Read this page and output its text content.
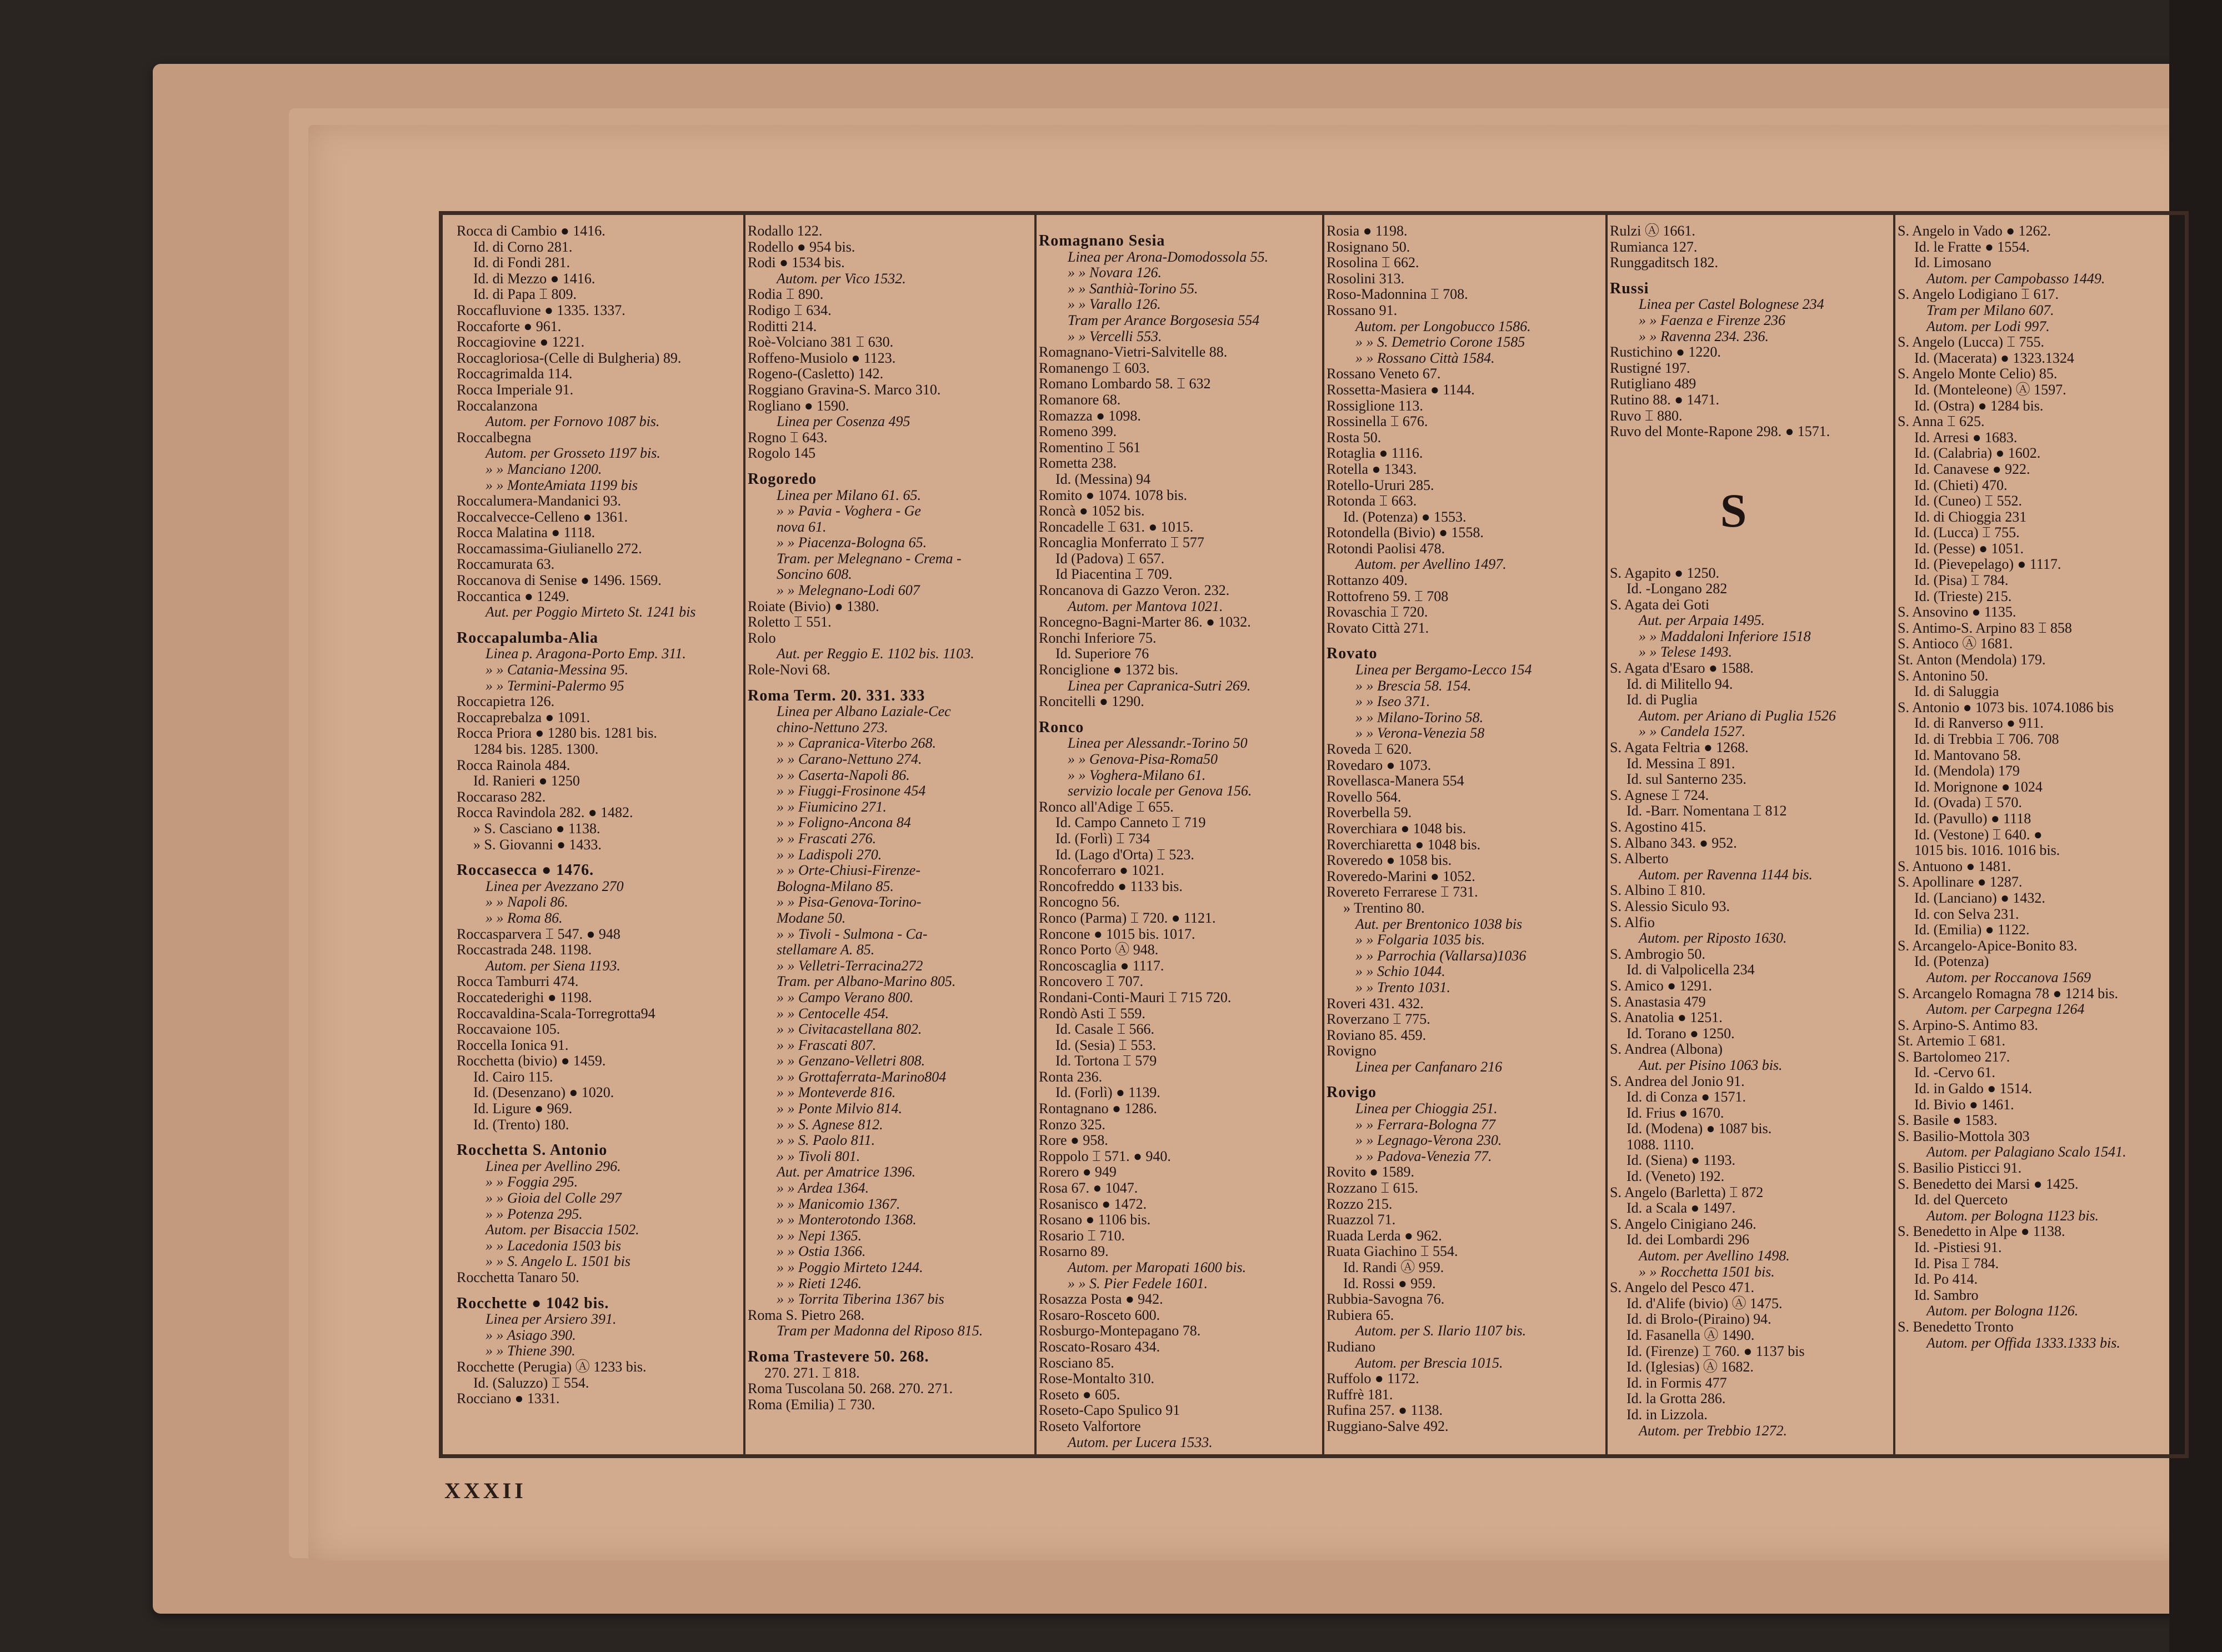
Rocca di Cambio ● 1416.
Id. di Corno 281.
Id. di Fondi 281.
Id. di Mezzo ● 1416.
Id. di Papa ⌶ 809.
Roccafluvione ● 1335. 1337.
Roccaforte ● 961.
Roccagiovine ● 1221.
Roccagloriosa-(Celle di Bulgheria) 89.
Roccagrimalda 114.
Rocca Imperiale 91.
Roccalanzona
Autom. per Fornovo 1087 bis.
Roccalbegna
Autom. per Grosseto 1197 bis.
» » Manciano 1200.
» » MonteAmiata 1199 bis
Roccalumera-Mandanici 93.
Roccalvecce-Celleno ● 1361.
Rocca Malatina ● 1118.
Roccamassima-Giulianello 272.
Roccamurata 63.
Roccanova di Senise ● 1496. 1569.
Roccantica ● 1249.
Aut. per Poggio Mirteto St. 1241 bis
Roccapalumba-Alia
Linea p. Aragona-Porto Emp. 311.
» » Catania-Messina 95.
» » Termini-Palermo 95
Roccapietra 126.
Roccaprebalza ● 1091.
Rocca Priora ● 1280 bis. 1281 bis.
1284 bis. 1285. 1300.
Rocca Rainola 484.
Id. Ranieri ● 1250
Roccaraso 282.
Rocca Ravindola 282. ● 1482.
» S. Casciano ● 1138.
» S. Giovanni ● 1433.
Roccasecca ● 1476.
Linea per Avezzano 270
» » Napoli 86.
» » Roma 86.
Roccasparvera ⌶ 547. ● 948
Roccastrada 248. 1198.
Autom. per Siena 1193.
Rocca Tamburri 474.
Roccatederighi ● 1198.
Roccavaldina-Scala-Torregrotta94
Roccavaione 105.
Roccella Ionica 91.
Rocchetta (bivio) ● 1459.
Id. Cairo 115.
Id. (Desenzano) ● 1020.
Id. Ligure ● 969.
Id. (Trento) 180.
Rocchetta S. Antonio
Linea per Avellino 296.
» » Foggia 295.
» » Gioia del Colle 297
» » Potenza 295.
Autom. per Bisaccia 1502.
» » Lacedonia 1503 bis
» » S. Angelo L. 1501 bis
Rocchetta Tanaro 50.
Rocchette ● 1042 bis.
Linea per Arsiero 391.
» » Asiago 390.
» » Thiene 390.
Rocchette (Perugia) Ⓐ 1233 bis.
Id. (Saluzzo) ⌶ 554.
Rocciano ● 1331.
Rodallo 122.
Rodello ● 954 bis.
Rodi ● 1534 bis.
Autom. per Vico 1532.
Rodia ⌶ 890.
Rodigo ⌶ 634.
Roditti 214.
Roè-Volciano 381 ⌶ 630.
Roffeno-Musiolo ● 1123.
Rogeno-(Casletto) 142.
Roggiano Gravina-S. Marco 310.
Rogliano ● 1590.
Linea per Cosenza 495
Rogno ⌶ 643.
Rogolo 145
Rogoredo
Linea per Milano 61. 65.
» » Pavia - Voghera - Ge
nova 61.
» » Piacenza-Bologna 65.
Tram. per Melegnano - Crema -
Soncino 608.
» » Melegnano-Lodi 607
Roiate (Bivio) ● 1380.
Roletto ⌶ 551.
Rolo
Aut. per Reggio E. 1102 bis. 1103.
Role-Novi 68.
Roma Term. 20. 331. 333
Linea per Albano Laziale-Cec
chino-Nettuno 273.
» » Capranica-Viterbo 268.
» » Carano-Nettuno 274.
» » Caserta-Napoli 86.
» » Fiuggi-Frosinone 454
» » Fiumicino 271.
» » Foligno-Ancona 84
» » Frascati 276.
» » Ladispoli 270.
» » Orte-Chiusi-Firenze-
Bologna-Milano 85.
» » Pisa-Genova-Torino-
Modane 50.
» » Tivoli - Sulmona - Ca-
stellamare A. 85.
» » Velletri-Terracina272
Tram. per Albano-Marino 805.
» » Campo Verano 800.
» » Centocelle 454.
» » Civitacastellana 802.
» » Frascati 807.
» » Genzano-Velletri 808.
» » Grottaferrata-Marino804
» » Monteverde 816.
» » Ponte Milvio 814.
» » S. Agnese 812.
» » S. Paolo 811.
» » Tivoli 801.
Aut. per Amatrice 1396.
» » Ardea 1364.
» » Manicomio 1367.
» » Monterotondo 1368.
» » Nepi 1365.
» » Ostia 1366.
» » Poggio Mirteto 1244.
» » Rieti 1246.
» » Torrita Tiberina 1367 bis
Roma S. Pietro 268.
Tram per Madonna del Riposo 815.
Roma Trastevere 50. 268.
270. 271. ⌶ 818.
Roma Tuscolana 50. 268. 270. 271.
Roma (Emilia) ⌶ 730.
Romagnano Sesia
Linea per Arona-Domodossola 55.
» » Novara 126.
» » Santhià-Torino 55.
» » Varallo 126.
Tram per Arance Borgosesia 554
» » Vercelli 553.
Romagnano-Vietri-Salvitelle 88.
Romanengo ⌶ 603.
Romano Lombardo 58. ⌶ 632
Romanore 68.
Romazza ● 1098.
Romeno 399.
Romentino ⌶ 561
Rometta 238.
Id. (Messina) 94
Romito ● 1074. 1078 bis.
Roncà ● 1052 bis.
Roncadelle ⌶ 631. ● 1015.
Roncaglia Monferrato ⌶ 577
Id (Padova) ⌶ 657.
Id Piacentina ⌶ 709.
Roncanova di Gazzo Veron. 232.
Autom. per Mantova 1021.
Roncegno-Bagni-Marter 86. ● 1032.
Ronchi Inferiore 75.
Id. Superiore 76
Ronciglione ● 1372 bis.
Linea per Capranica-Sutri 269.
Roncitelli ● 1290.
Ronco
Linea per Alessandr.-Torino 50
» » Genova-Pisa-Roma50
» » Voghera-Milano 61.
servizio locale per Genova 156.
Ronco all'Adige ⌶ 655.
Id. Campo Canneto ⌶ 719
Id. (Forlì) ⌶ 734
Id. (Lago d'Orta) ⌶ 523.
Roncoferraro ● 1021.
Roncofreddo ● 1133 bis.
Roncogno 56.
Ronco (Parma) ⌶ 720. ● 1121.
Roncone ● 1015 bis. 1017.
Ronco Porto Ⓐ 948.
Roncoscaglia ● 1117.
Roncovero ⌶ 707.
Rondani-Conti-Mauri ⌶ 715 720.
Rondò Asti ⌶ 559.
Id. Casale ⌶ 566.
Id. (Sesia) ⌶ 553.
Id. Tortona ⌶ 579
Ronta 236.
Id. (Forlì) ● 1139.
Rontagnano ● 1286.
Ronzo 325.
Rore ● 958.
Roppolo ⌶ 571. ● 940.
Rorero ● 949
Rosa 67. ● 1047.
Rosanisco ● 1472.
Rosano ● 1106 bis.
Rosario ⌶ 710.
Rosarno 89.
Autom. per Maropati 1600 bis.
» » S. Pier Fedele 1601.
Rosazza Posta ● 942.
Rosaro-Rosceto 600.
Rosburgo-Montepagano 78.
Roscato-Rosaro 434.
Rosciano 85.
Rose-Montalto 310.
Roseto ● 605.
Roseto-Capo Spulico 91
Roseto Valfortore
Autom. per Lucera 1533.
Rosia ● 1198.
Rosignano 50.
Rosolina ⌶ 662.
Rosolini 313.
Roso-Madonnina ⌶ 708.
Rossano 91.
Autom. per Longobucco 1586.
» » S. Demetrio Corone 1585
» » Rossano Città 1584.
Rossano Veneto 67.
Rossetta-Masiera ● 1144.
Rossiglione 113.
Rossinella ⌶ 676.
Rosta 50.
Rotaglia ● 1116.
Rotella ● 1343.
Rotello-Ururi 285.
Rotonda ⌶ 663.
Id. (Potenza) ● 1553.
Rotondella (Bivio) ● 1558.
Rotondi Paolisi 478.
Autom. per Avellino 1497.
Rottanzo 409.
Rottofreno 59. ⌶ 708
Rovaschia ⌶ 720.
Rovato Città 271.
Rovato
Linea per Bergamo-Lecco 154
» » Brescia 58. 154.
» » Iseo 371.
» » Milano-Torino 58.
» » Verona-Venezia 58
Roveda ⌶ 620.
Rovedaro ● 1073.
Rovellasca-Manera 554
Rovello 564.
Roverbella 59.
Roverchiara ● 1048 bis.
Roverchiaretta ● 1048 bis.
Roveredo ● 1058 bis.
Roveredo-Marini ● 1052.
Rovereto Ferrarese ⌶ 731.
» Trentino 80.
Aut. per Brentonico 1038 bis
» » Folgaria 1035 bis.
» » Parrochia (Vallarsa)1036
» » Schio 1044.
» » Trento 1031.
Roveri 431. 432.
Roverzano ⌶ 775.
Roviano 85. 459.
Rovigno
Linea per Canfanaro 216
Rovigo
Linea per Chioggia 251.
» » Ferrara-Bologna 77
» » Legnago-Verona 230.
» » Padova-Venezia 77.
Rovito ● 1589.
Rozzano ⌶ 615.
Rozzo 215.
Ruazzol 71.
Ruada Lerda ● 962.
Ruata Giachino ⌶ 554.
Id. Randi Ⓐ 959.
Id. Rossi ● 959.
Rubbia-Savogna 76.
Rubiera 65.
Autom. per S. Ilario 1107 bis.
Rudiano
Autom. per Brescia 1015.
Ruffolo ● 1172.
Ruffrè 181.
Rufina 257. ● 1138.
Ruggiano-Salve 492.
Rulzi Ⓐ 1661.
Rumianca 127.
Runggaditsch 182.
Russi
Linea per Castel Bolognese 234
» » Faenza e Firenze 236
» » Ravenna 234. 236.
Rustichino ● 1220.
Rustigné 197.
Rutigliano 489
Rutino 88. ● 1471.
Ruvo ⌶ 880.
Ruvo del Monte-Rapone 298. ● 1571.
S
S. Agapito ● 1250.
Id. -Longano 282
S. Agata dei Goti
Aut. per Arpaia 1495.
» » Maddaloni Inferiore 1518
» » Telese 1493.
S. Agata d'Esaro ● 1588.
Id. di Militello 94.
Id. di Puglia
Autom. per Ariano di Puglia 1526
» » Candela 1527.
S. Agata Feltria ● 1268.
Id. Messina ⌶ 891.
Id. sul Santerno 235.
S. Agnese ⌶ 724.
Id. -Barr. Nomentana ⌶ 812
S. Agostino 415.
S. Albano 343. ● 952.
S. Alberto
Autom. per Ravenna 1144 bis.
S. Albino ⌶ 810.
S. Alessio Siculo 93.
S. Alfio
Autom. per Riposto 1630.
S. Ambrogio 50.
Id. di Valpolicella 234
S. Amico ● 1291.
S. Anastasia 479
S. Anatolia ● 1251.
Id. Torano ● 1250.
S. Andrea (Albona)
Aut. per Pisino 1063 bis.
S. Andrea del Jonio 91.
Id. di Conza ● 1571.
Id. Frius ● 1670.
Id. (Modena) ● 1087 bis.
1088. 1110.
Id. (Siena) ● 1193.
Id. (Veneto) 192.
S. Angelo (Barletta) ⌶ 872
Id. a Scala ● 1497.
S. Angelo Cinigiano 246.
Id. dei Lombardi 296
Autom. per Avellino 1498.
» » Rocchetta 1501 bis.
S. Angelo del Pesco 471.
Id. d'Alife (bivio) Ⓐ 1475.
Id. di Brolo-(Piraino) 94.
Id. Fasanella Ⓐ 1490.
Id. (Firenze) ⌶ 760. ● 1137 bis
Id. (Iglesias) Ⓐ 1682.
Id. in Formis 477
Id. la Grotta 286.
Id. in Lizzola.
Autom. per Trebbio 1272.
S. Angelo in Vado ● 1262.
Id. le Fratte ● 1554.
Id. Limosano
Autom. per Campobasso 1449.
S. Angelo Lodigiano ⌶ 617.
Tram per Milano 607.
Autom. per Lodi 997.
S. Angelo (Lucca) ⌶ 755.
Id. (Macerata) ● 1323.1324
S. Angelo Monte Celio) 85.
Id. (Monteleone) Ⓐ 1597.
Id. (Ostra) ● 1284 bis.
S. Anna ⌶ 625.
Id. Arresi ● 1683.
Id. (Calabria) ● 1602.
Id. Canavese ● 922.
Id. (Chieti) 470.
Id. (Cuneo) ⌶ 552.
Id. di Chioggia 231
Id. (Lucca) ⌶ 755.
Id. (Pesse) ● 1051.
Id. (Pievepelago) ● 1117.
Id. (Pisa) ⌶ 784.
Id. (Trieste) 215.
S. Ansovino ● 1135.
S. Antimo-S. Arpino 83 ⌶ 858
S. Antioco Ⓐ 1681.
St. Anton (Mendola) 179.
S. Antonino 50.
Id. di Saluggia
S. Antonio ● 1073 bis. 1074.1086 bis
Id. di Ranverso ● 911.
Id. di Trebbia ⌶ 706. 708
Id. Mantovano 58.
Id. (Mendola) 179
Id. Morignone ● 1024
Id. (Ovada) ⌶ 570.
Id. (Pavullo) ● 1118
Id. (Vestone) ⌶ 640. ●
1015 bis. 1016. 1016 bis.
S. Antuono ● 1481.
S. Apollinare ● 1287.
Id. (Lanciano) ● 1432.
Id. con Selva 231.
Id. (Emilia) ● 1122.
S. Arcangelo-Apice-Bonito 83.
Id. (Potenza)
Autom. per Roccanova 1569
S. Arcangelo Romagna 78 ● 1214 bis.
Autom. per Carpegna 1264
S. Arpino-S. Antimo 83.
St. Artemio ⌶ 681.
S. Bartolomeo 217.
Id. -Cervo 61.
Id. in Galdo ● 1514.
Id. Bivio ● 1461.
S. Basile ● 1583.
S. Basilio-Mottola 303
Autom. per Palagiano Scalo 1541.
S. Basilio Pisticci 91.
S. Benedetto dei Marsi ● 1425.
Id. del Querceto
Autom. per Bologna 1123 bis.
S. Benedetto in Alpe ● 1138.
Id. -Pistiesi 91.
Id. Pisa ⌶ 784.
Id. Po 414.
Id. Sambro
Autom. per Bologna 1126.
S. Benedetto Tronto
Autom. per Offida 1333.1333 bis.
XXXII
